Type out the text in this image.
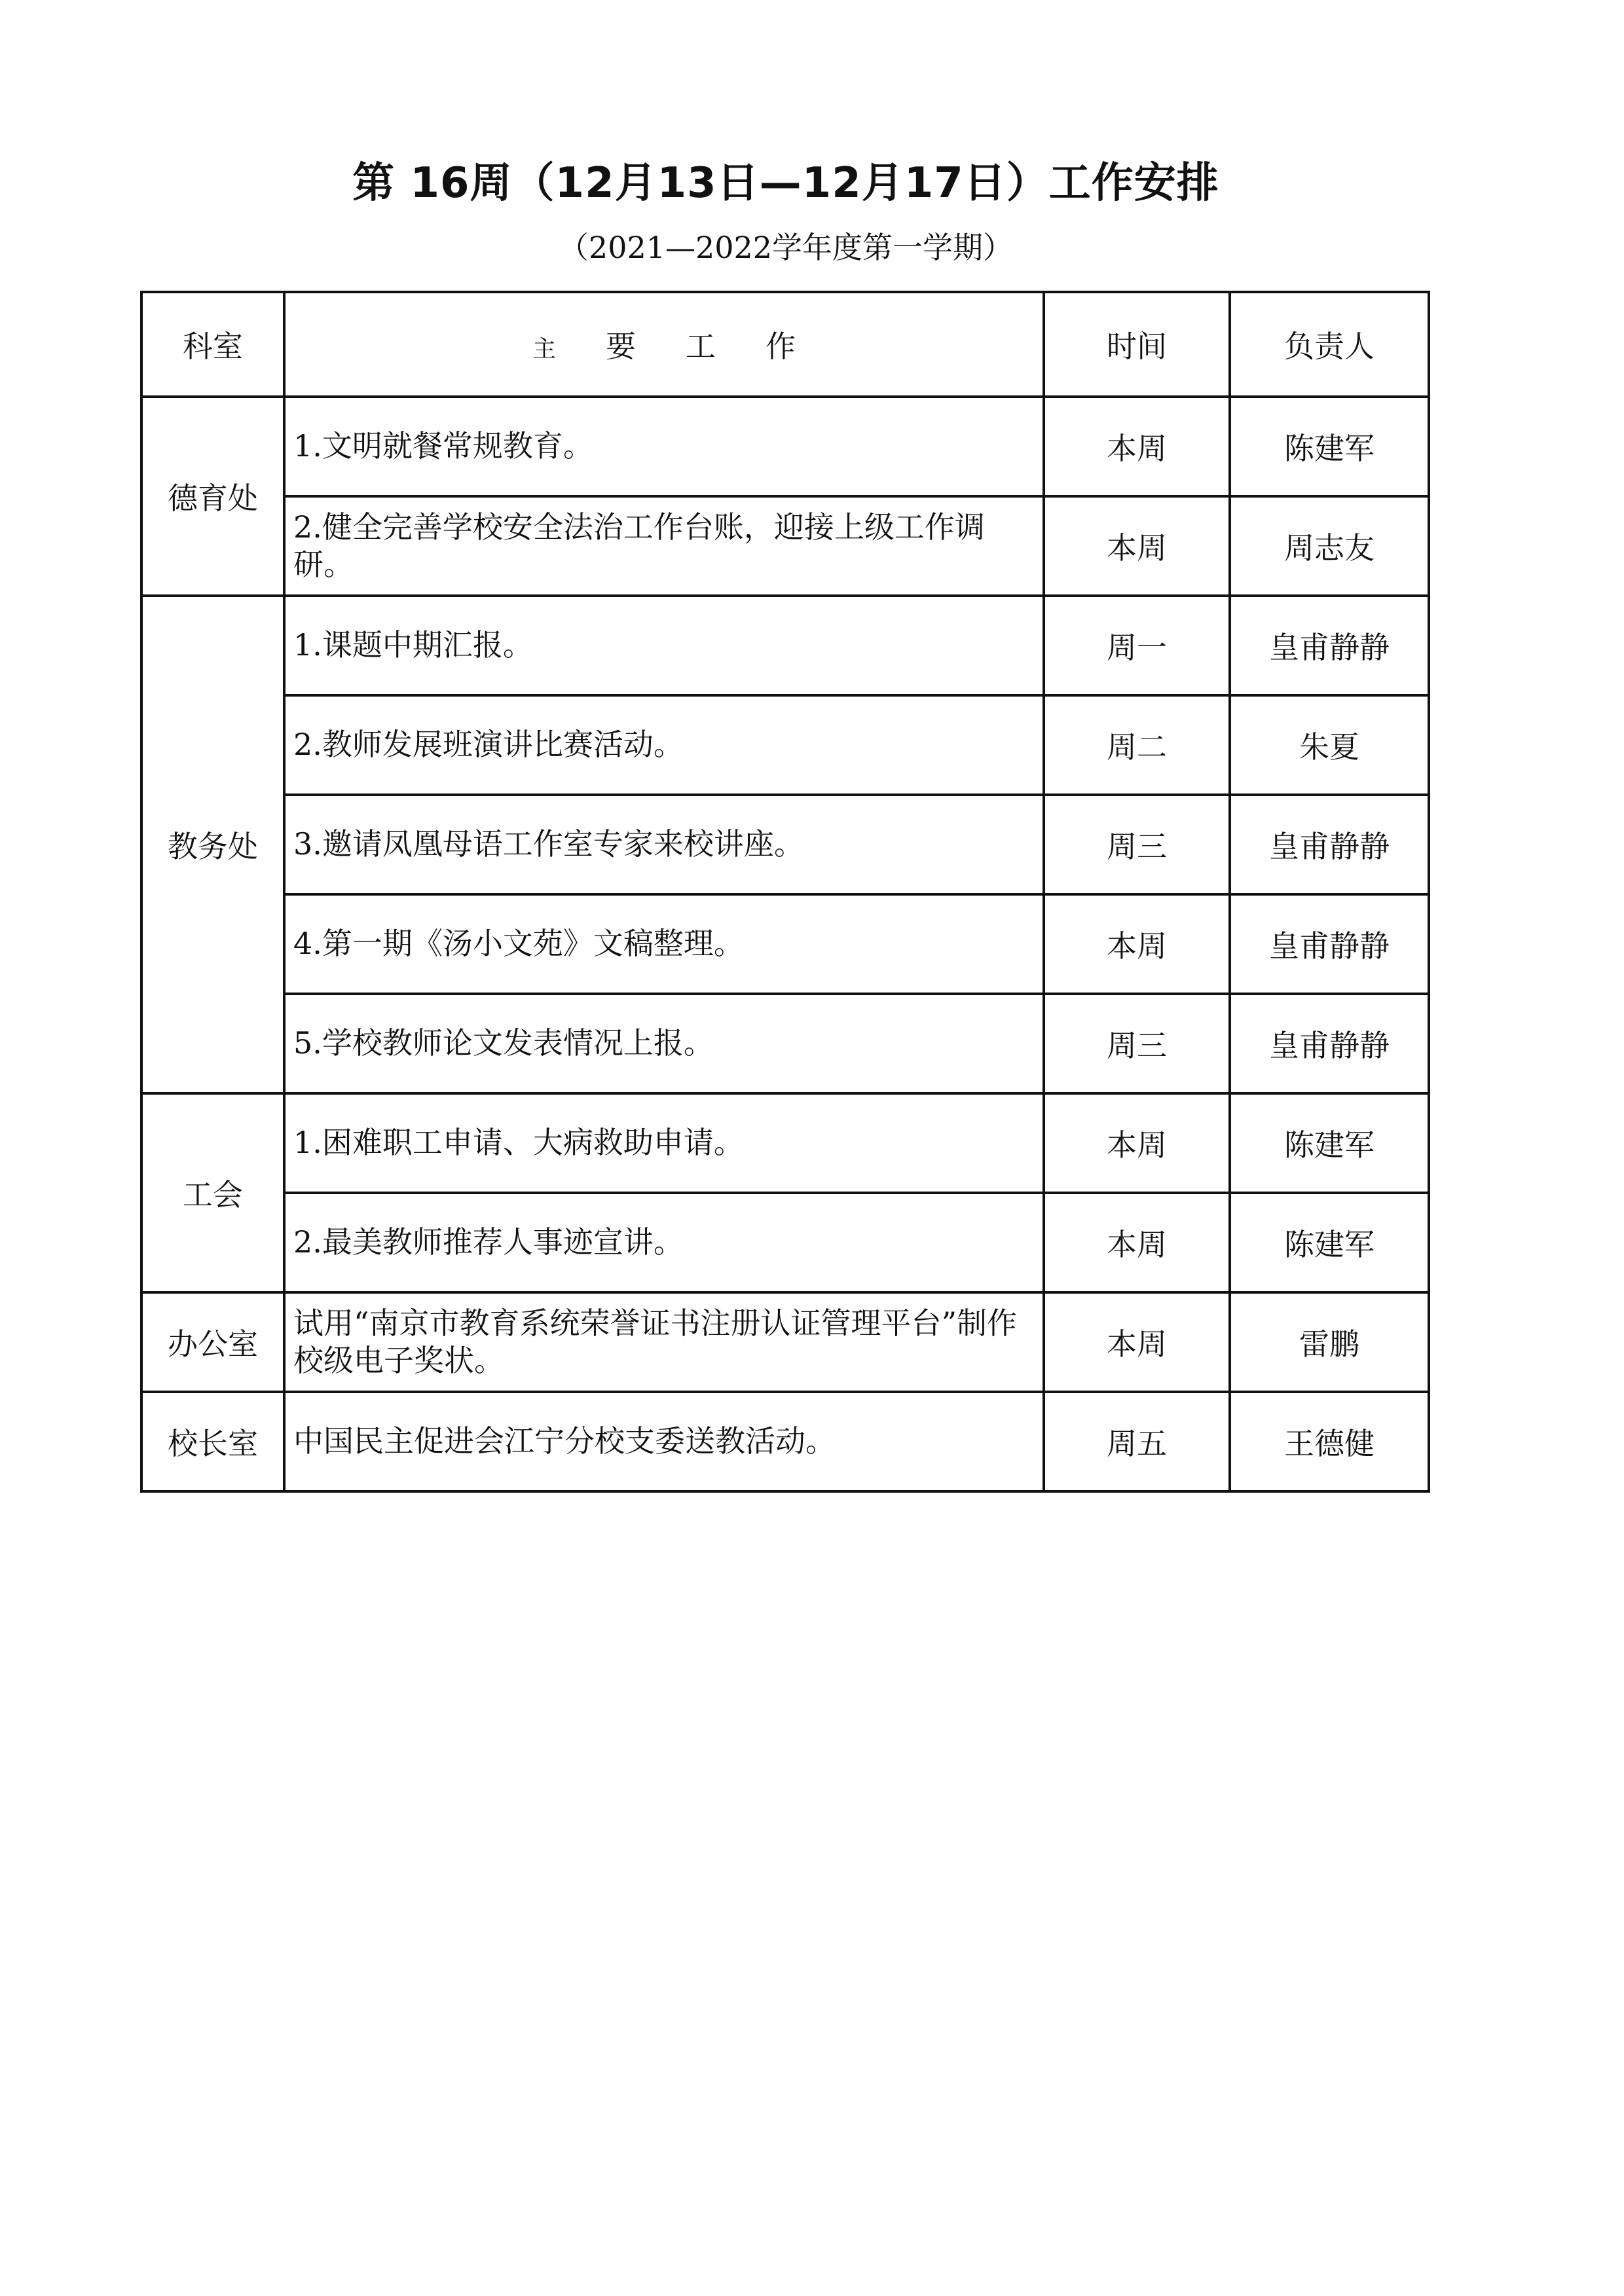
第 16周（12月13日—12月17日）工作安排
（2021—2022学年度第一学期）
科室	主 要 工 作	时间	负责人
德育处	1.文明就餐常规教育。	本周	陈建军
	2.健全完善学校安全法治工作台账，迎接上级工作调研。	本周	周志友
教务处	1.课题中期汇报。	周一	皇甫静静
	2.教师发展班演讲比赛活动。	周二	朱夏
	3.邀请凤凰母语工作室专家来校讲座。	周三	皇甫静静
	4.第一期《汤小文苑》文稿整理。	本周	皇甫静静
	5.学校教师论文发表情况上报。	周三	皇甫静静
工会	1.困难职工申请、大病救助申请。	本周	陈建军
	2.最美教师推荐人事迹宣讲。	本周	陈建军
办公室	试用“南京市教育系统荣誉证书注册认证管理平台”制作校级电子奖状。	本周	雷鹏
校长室	中国民主促进会江宁分校支委送教活动。	周五	王德健
